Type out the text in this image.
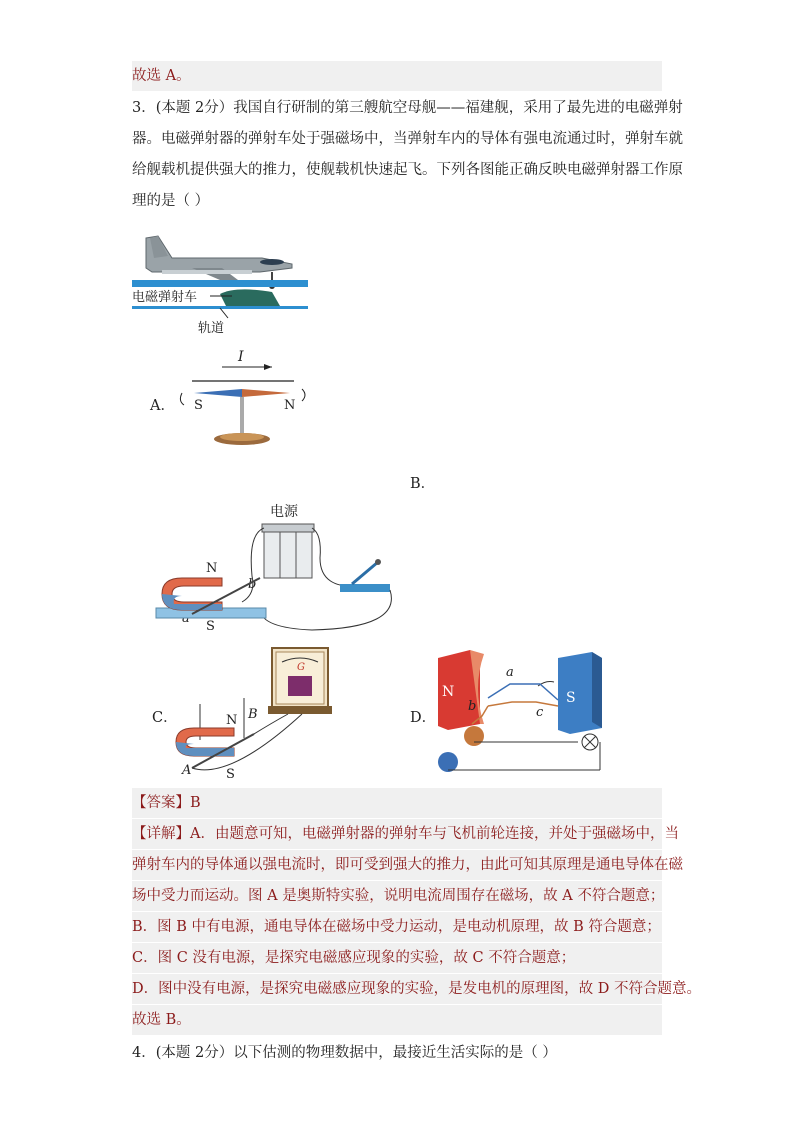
故选 A。
3．(本题 2分）我国自行研制的第三艘航空母舰——福建舰，采用了最先进的电磁弹射
器。电磁弹射器的弹射车处于强磁场中，当弹射车内的导体有强电流通过时，弹射车就
给舰载机提供强大的推力，使舰载机快速起飞。下列各图能正确反映电磁弹射器工作原
理的是（ ）
电磁弹射车
轨道
A．
I
S	N
B．
电源
N
b
S
C．
G
N B
A	S
D．
N	S
a
b	c
【答案】B
【详解】A．由题意可知，电磁弹射器的弹射车与飞机前轮连接，并处于强磁场中，当
弹射车内的导体通以强电流时，即可受到强大的推力，由此可知其原理是通电导体在磁
场中受力而运动。图 A 是奥斯特实验，说明电流周围存在磁场，故 A 不符合题意；
B．图 B 中有电源，通电导体在磁场中受力运动，是电动机原理，故 B 符合题意；
C．图 C 没有电源，是探究电磁感应现象的实验，故 C 不符合题意；
D．图中没有电源，是探究电磁感应现象的实验，是发电机的原理图，故 D 不符合题意。
故选 B。
4．(本题 2分）以下估测的物理数据中，最接近生活实际的是（ ）
